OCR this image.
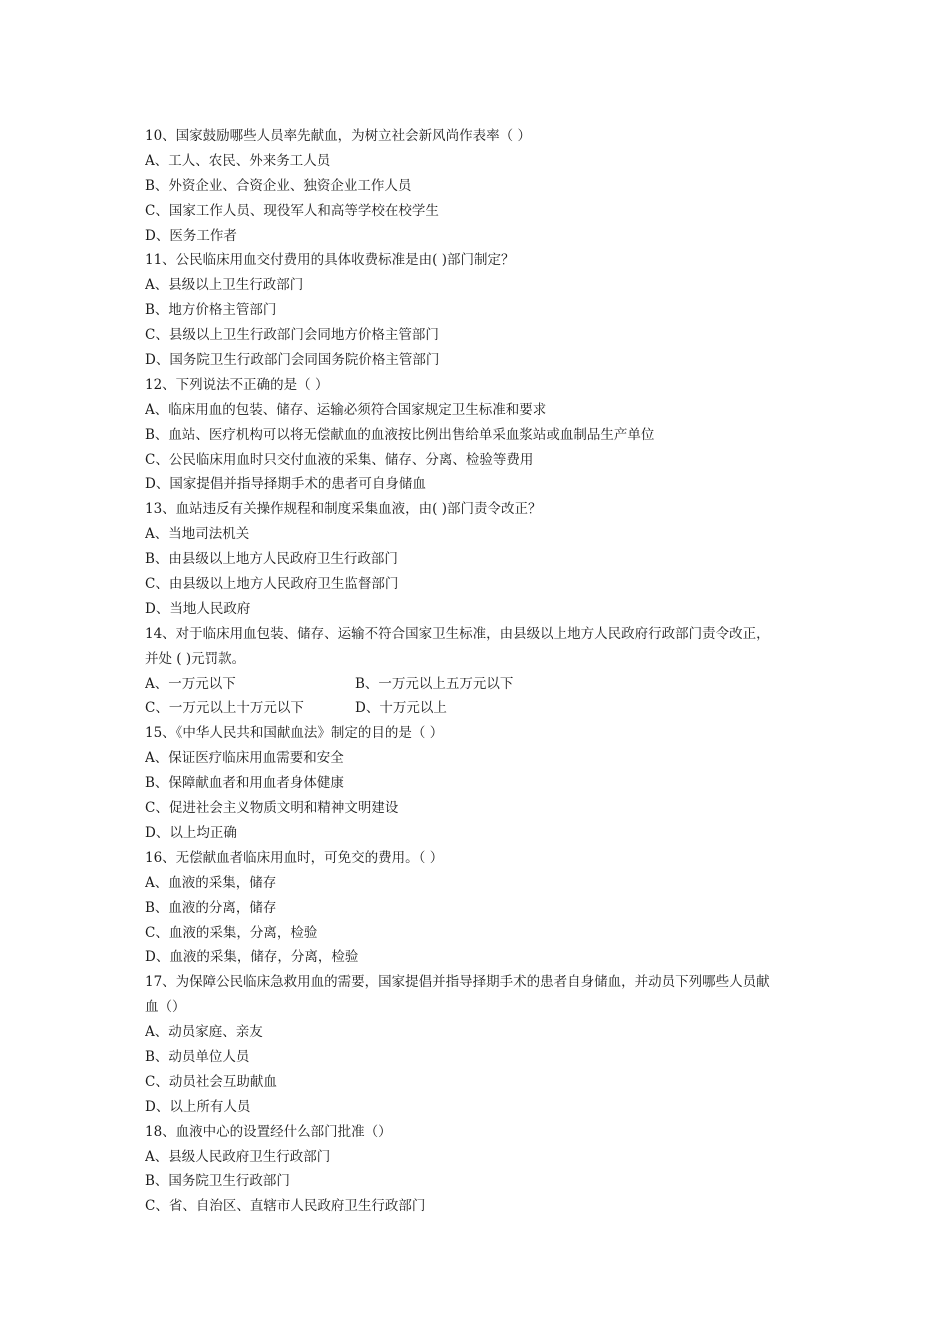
10、国家鼓励哪些人员率先献血，为树立社会新风尚作表率（ ）
A、工人、农民、外来务工人员
B、外资企业、合资企业、独资企业工作人员
C、国家工作人员、现役军人和高等学校在校学生
D、医务工作者
11、公民临床用血交付费用的具体收费标准是由( )部门制定？
A、县级以上卫生行政部门
B、地方价格主管部门
C、县级以上卫生行政部门会同地方价格主管部门
D、国务院卫生行政部门会同国务院价格主管部门
12、下列说法不正确的是（ ）
A、临床用血的包装、储存、运输必须符合国家规定卫生标准和要求
B、血站、医疗机构可以将无偿献血的血液按比例出售给单采血浆站或血制品生产单位
C、公民临床用血时只交付血液的采集、储存、分离、检验等费用
D、国家提倡并指导择期手术的患者可自身储血
13、血站违反有关操作规程和制度采集血液，由( )部门责令改正？
A、当地司法机关
B、由县级以上地方人民政府卫生行政部门
C、由县级以上地方人民政府卫生监督部门
D、当地人民政府
14、对于临床用血包装、储存、运输不符合国家卫生标准，由县级以上地方人民政府行政部门责令改正，
并处 ( )元罚款。
A、一万元以下	B、一万元以上五万元以下
C、一万元以上十万元以下	D、十万元以上
15、《中华人民共和国献血法》制定的目的是（ ）
A、保证医疗临床用血需要和安全
B、保障献血者和用血者身体健康
C、促进社会主义物质文明和精神文明建设
D、以上均正确
16、无偿献血者临床用血时，可免交的费用。（ ）
A、血液的采集，储存
B、血液的分离，储存
C、血液的采集，分离，检验
D、血液的采集，储存，分离，检验
17、为保障公民临床急救用血的需要，国家提倡并指导择期手术的患者自身储血，并动员下列哪些人员献
血（）
A、动员家庭、亲友
B、动员单位人员
C、动员社会互助献血
D、以上所有人员
18、血液中心的设置经什么部门批准（）
A、县级人民政府卫生行政部门
B、国务院卫生行政部门
C、省、自治区、直辖市人民政府卫生行政部门
